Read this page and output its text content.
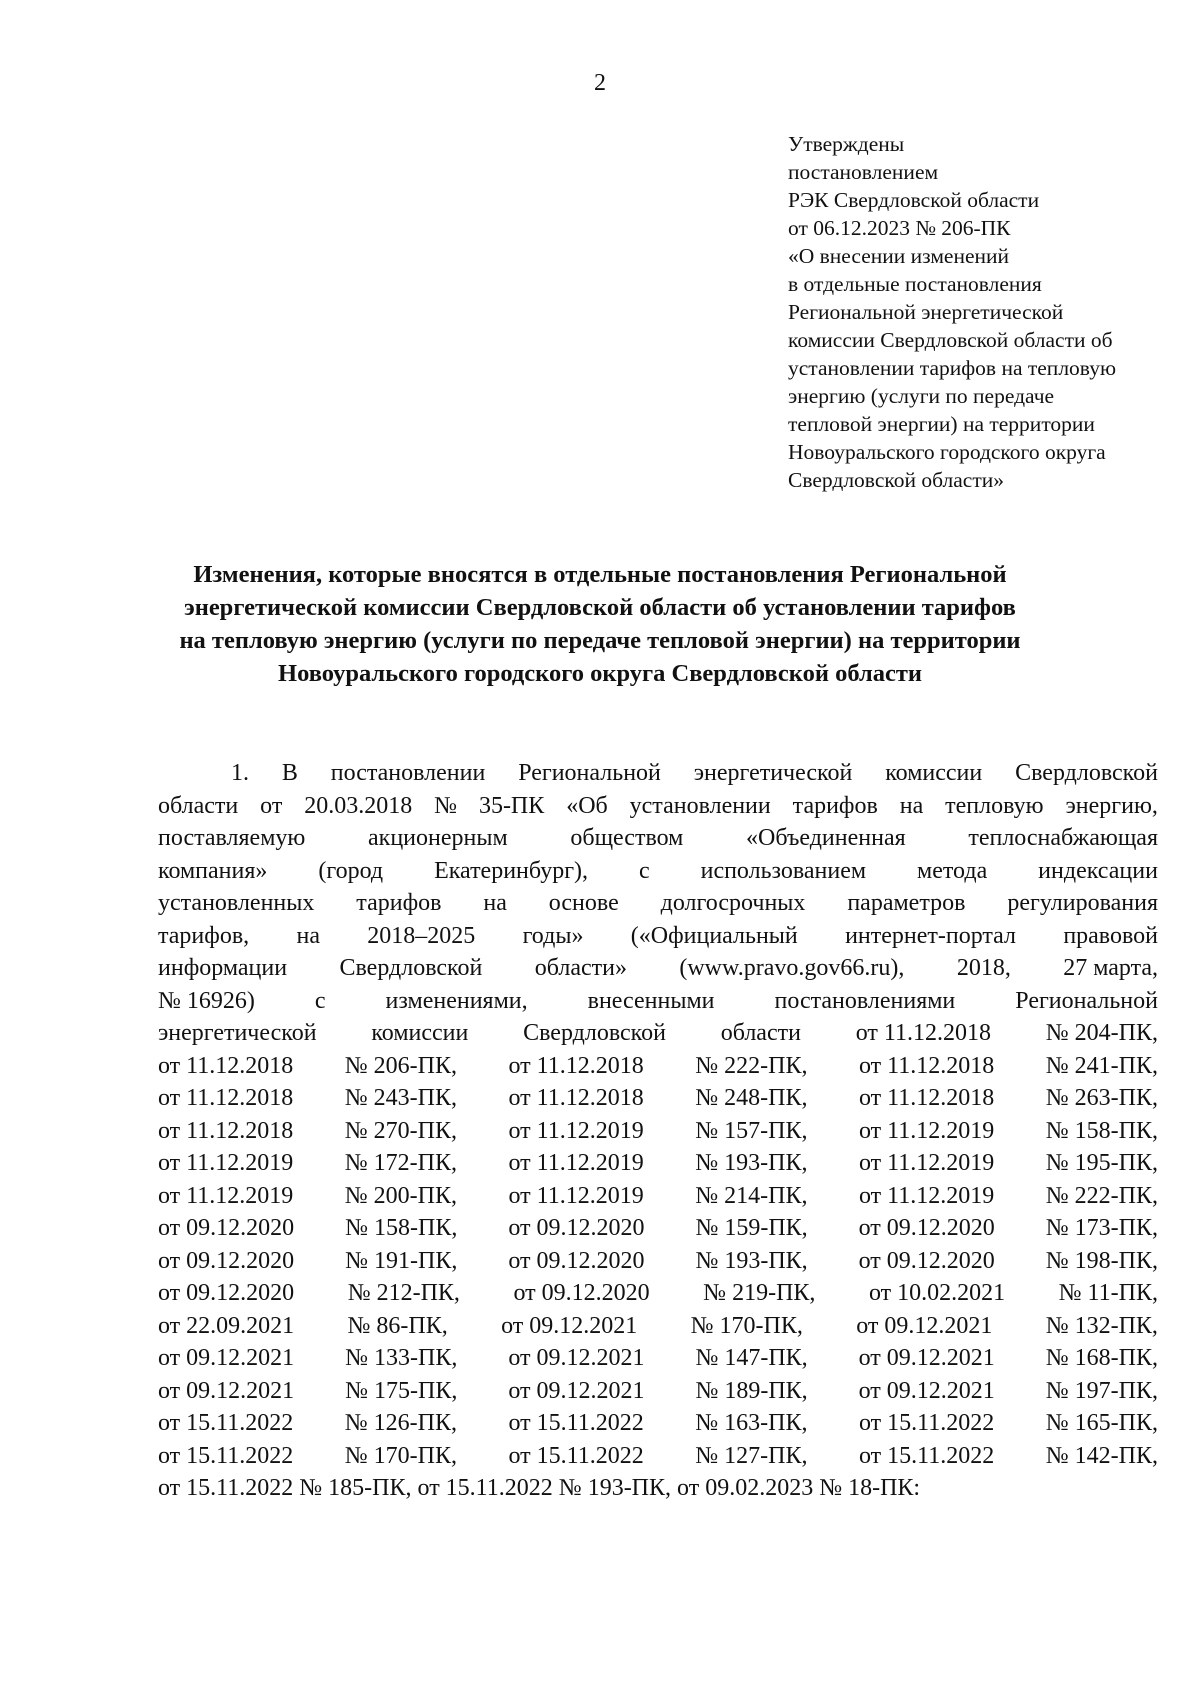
2
Утверждены
постановлением
РЭК Свердловской области
от 06.12.2023 № 206-ПК
«О внесении изменений
в отдельные постановления
Региональной энергетической
комиссии Свердловской области об
установлении тарифов на тепловую
энергию (услуги по передаче
тепловой энергии) на территории
Новоуральского городского округа
Свердловской области»
Изменения, которые вносятся в отдельные постановления Региональной
энергетической комиссии Свердловской области об установлении тарифов
на тепловую энергию (услуги по передаче тепловой энергии) на территории
Новоуральского городского округа Свердловской области
1. В постановлении Региональной энергетической комиссии Свердловской
области от 20.03.2018 № 35-ПК «Об установлении тарифов на тепловую энергию,
поставляемую	акционерным	обществом	«Объединенная	теплоснабжающая
компания» (город Екатеринбург), с использованием метода индексации
установленных тарифов на основе долгосрочных параметров регулирования
тарифов, на 2018–2025 годы» («Официальный интернет-портал правовой
информации Свердловской области» (www.pravo.gov66.ru), 2018, 27 марта,
№ 16926)	с	изменениями,	внесенными	постановлениями	Региональной
энергетической комиссии Свердловской области от 11.12.2018 № 204-ПК,
от 11.12.2018 № 206-ПК, от 11.12.2018 № 222-ПК, от 11.12.2018 № 241-ПК,
от 11.12.2018 № 243-ПК, от 11.12.2018 № 248-ПК, от 11.12.2018 № 263-ПК,
от 11.12.2018 № 270-ПК, от 11.12.2019 № 157-ПК, от 11.12.2019 № 158-ПК,
от 11.12.2019 № 172-ПК, от 11.12.2019 № 193-ПК, от 11.12.2019 № 195-ПК,
от 11.12.2019 № 200-ПК, от 11.12.2019 № 214-ПК, от 11.12.2019 № 222-ПК,
от 09.12.2020 № 158-ПК, от 09.12.2020 № 159-ПК, от 09.12.2020 № 173-ПК,
от 09.12.2020 № 191-ПК, от 09.12.2020 № 193-ПК, от 09.12.2020 № 198-ПК,
от 09.12.2020 № 212-ПК, от 09.12.2020 № 219-ПК, от 10.02.2021 № 11-ПК,
от 22.09.2021 № 86-ПК, от 09.12.2021 № 170-ПК, от 09.12.2021 № 132-ПК,
от 09.12.2021 № 133-ПК, от 09.12.2021 № 147-ПК, от 09.12.2021 № 168-ПК,
от 09.12.2021 № 175-ПК, от 09.12.2021 № 189-ПК, от 09.12.2021 № 197-ПК,
от 15.11.2022 № 126-ПК, от 15.11.2022 № 163-ПК, от 15.11.2022 № 165-ПК,
от 15.11.2022 № 170-ПК, от 15.11.2022 № 127-ПК, от 15.11.2022 № 142-ПК,
от 15.11.2022 № 185-ПК, от 15.11.2022 № 193-ПК, от 09.02.2023 № 18-ПК:
